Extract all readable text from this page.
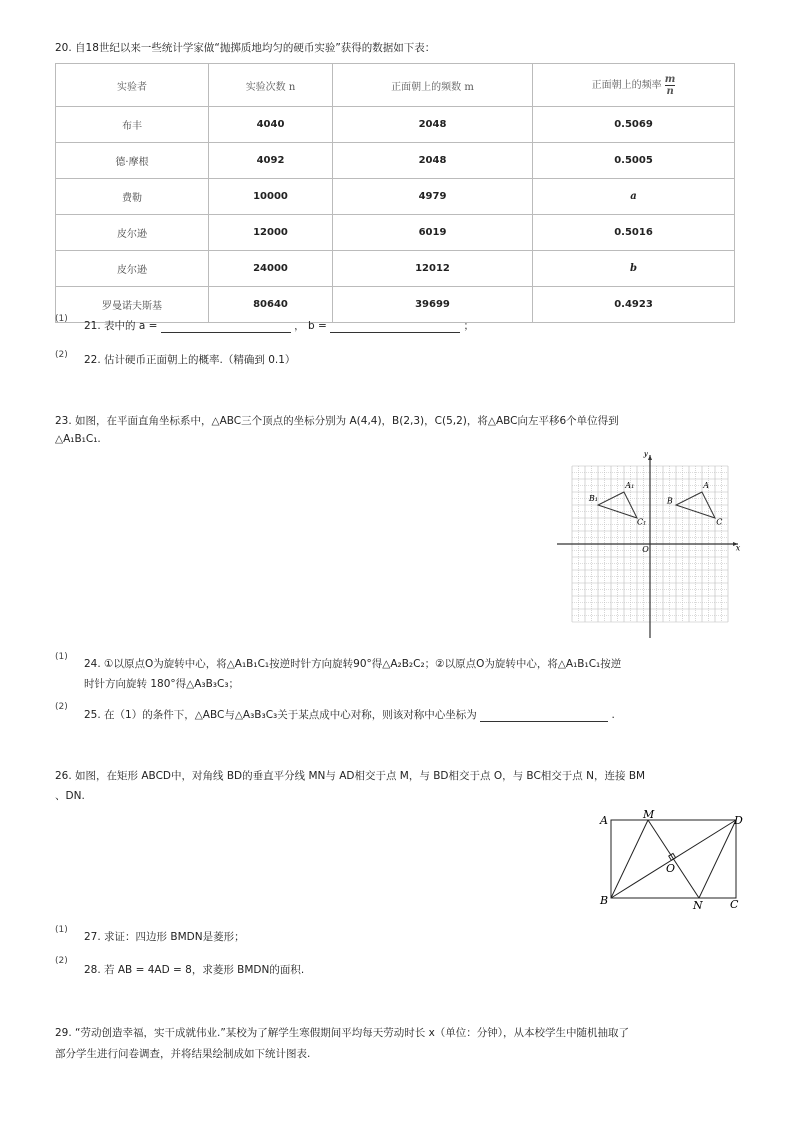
20. 自18世纪以来一些统计学家做“抛掷质地均匀的硬币实验”获得的数据如下表：
实验者	实验次数 n	正面朝上的频数 m	正面朝上的频率 $\frac{m}{n}$

布丰	4040	2048	0.5069
德·摩根	4092	2048	0.5005
费勒	10000	4979	a
皮尔逊	12000	6019	0.5016
皮尔逊	24000	12012	b
罗曼诺夫斯基	80640	39699	0.4923
(1)
21. 表中的 a =	， b =	；
(2) 22. 估计硬币正面朝上的概率.（精确到 0.1）
23. 如图，在平面直角坐标系中，△ABC三个顶点的坐标分别为 A(4,4)，B(2,3)，C(5,2)，将△ABC向左平移6个单位得到
△A₁B₁C₁.
A
B
C
A₁
B₁
C₁
O	x
y
(1)
24. ①以原点O为旋转中心，将△A₁B₁C₁按逆时针方向旋转90°得△A₂B₂C₂；②以原点O为旋转中心，将△A₁B₁C₁按逆
时针方向旋转 180°得△A₃B₃C₃；
(2)
25. 在（1）的条件下，△ABC与△A₃B₃C₃关于某点成中心对称，则该对称中心坐标为	.
26. 如图，在矩形 ABCD中，对角线 BD的垂直平分线 MN与 AD相交于点 M，与 BD相交于点 O，与 BC相交于点 N，连接 BM
、DN.
A
B	C
D
M
N
O
(1)
27. 求证：四边形 BMDN是菱形；
(2)
28. 若 AB = 4AD = 8，求菱形 BMDN的面积.
29. “劳动创造幸福，实干成就伟业.”某校为了解学生寒假期间平均每天劳动时长 x（单位：分钟），从本校学生中随机抽取了
部分学生进行问卷调查，并将结果绘制成如下统计图表.
